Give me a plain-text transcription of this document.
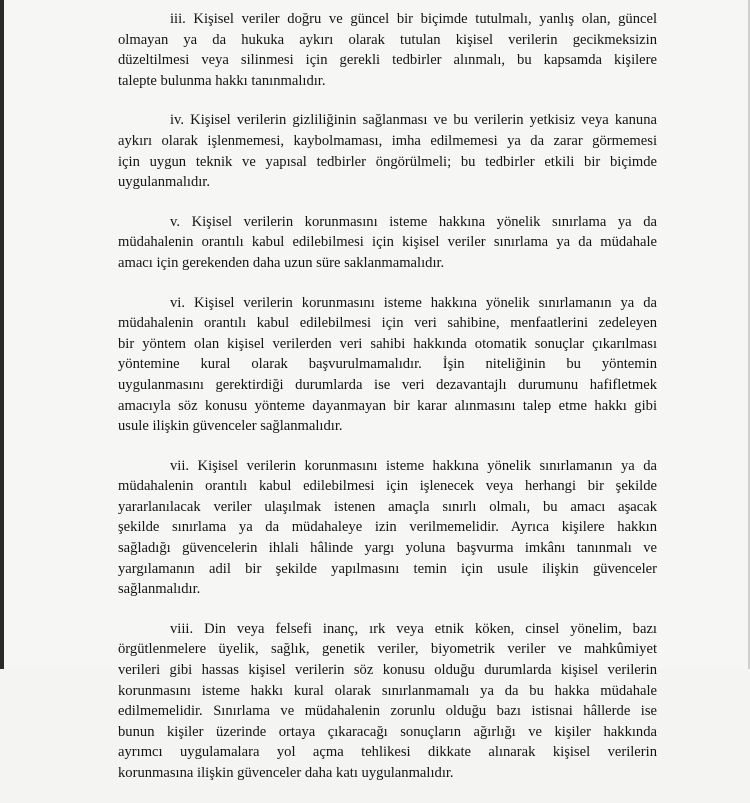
iii. Kişisel veriler doğru ve güncel bir biçimde tutulmalı, yanlış olan, güncel
olmayan ya da hukuka aykırı olarak tutulan kişisel verilerin gecikmeksizin
düzeltilmesi veya silinmesi için gerekli tedbirler alınmalı, bu kapsamda kişilere
talepte bulunma hakkı tanınmalıdır.

iv. Kişisel verilerin gizliliğinin sağlanması ve bu verilerin yetkisiz veya kanuna
aykırı olarak işlenmemesi, kaybolmaması, imha edilmemesi ya da zarar görmemesi
için uygun teknik ve yapısal tedbirler öngörülmeli; bu tedbirler etkili bir biçimde
uygulanmalıdır.

v. Kişisel verilerin korunmasını isteme hakkına yönelik sınırlama ya da
müdahalenin orantılı kabul edilebilmesi için kişisel veriler sınırlama ya da müdahale
amacı için gerekenden daha uzun süre saklanmamalıdır.

vi. Kişisel verilerin korunmasını isteme hakkına yönelik sınırlamanın ya da
müdahalenin orantılı kabul edilebilmesi için veri sahibine, menfaatlerini zedeleyen
bir yöntem olan kişisel verilerden veri sahibi hakkında otomatik sonuçlar çıkarılması
yöntemine kural olarak başvurulmamalıdır. İşin niteliğinin bu yöntemin
uygulanmasını gerektirdiği durumlarda ise veri dezavantajlı durumunu hafifletmek
amacıyla söz konusu yönteme dayanmayan bir karar alınmasını talep etme hakkı gibi
usule ilişkin güvenceler sağlanmalıdır.

vii. Kişisel verilerin korunmasını isteme hakkına yönelik sınırlamanın ya da
müdahalenin orantılı kabul edilebilmesi için işlenecek veya herhangi bir şekilde
yararlanılacak veriler ulaşılmak istenen amaçla sınırlı olmalı, bu amacı aşacak
şekilde sınırlama ya da müdahaleye izin verilmemelidir. Ayrıca kişilere hakkın
sağladığı güvencelerin ihlali hâlinde yargı yoluna başvurma imkânı tanınmalı ve
yargılamanın adil bir şekilde yapılmasını temin için usule ilişkin güvenceler
sağlanmalıdır.

viii. Din veya felsefi inanç, ırk veya etnik köken, cinsel yönelim, bazı
örgütlenmelere üyelik, sağlık, genetik veriler, biyometrik veriler ve mahkûmiyet
verileri gibi hassas kişisel verilerin söz konusu olduğu durumlarda kişisel verilerin
korunmasını isteme hakkı kural olarak sınırlanmamalı ya da bu hakka müdahale
edilmemelidir. Sınırlama ve müdahalenin zorunlu olduğu bazı istisnai hâllerde ise
bunun kişiler üzerinde ortaya çıkaracağı sonuçların ağırlığı ve kişiler hakkında
ayrımcı uygulamalara yol açma tehlikesi dikkate alınarak kişisel verilerin
korunmasına ilişkin güvenceler daha katı uygulanmalıdır.
